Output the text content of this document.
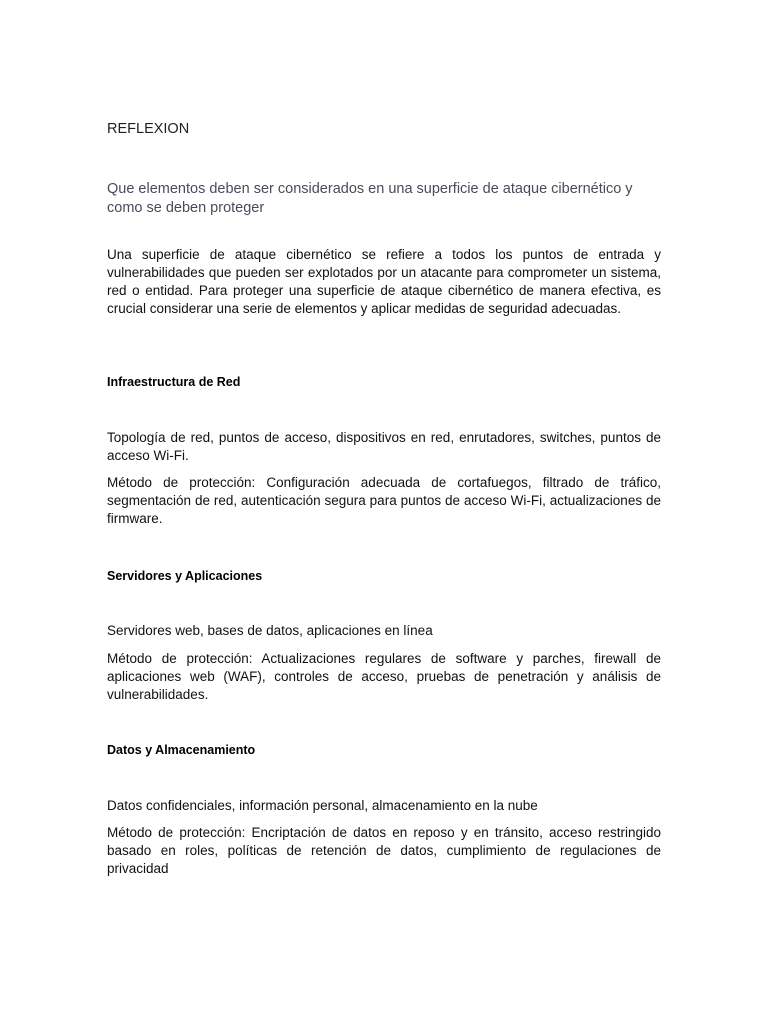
REFLEXION
Que elementos deben ser considerados en una superficie de ataque cibernético y como se deben proteger

Una superficie de ataque cibernético se refiere a todos los puntos de entrada y vulnerabilidades que pueden ser explotados por un atacante para comprometer un sistema, red o entidad. Para proteger una superficie de ataque cibernético de manera efectiva, es crucial considerar una serie de elementos y aplicar medidas de seguridad adecuadas.

Infraestructura de Red

Topología de red, puntos de acceso, dispositivos en red, enrutadores, switches, puntos de acceso Wi-Fi.

Método de protección: Configuración adecuada de cortafuegos, filtrado de tráfico, segmentación de red, autenticación segura para puntos de acceso Wi-Fi, actualizaciones de firmware.

Servidores y Aplicaciones

Servidores web, bases de datos, aplicaciones en línea

Método de protección: Actualizaciones regulares de software y parches, firewall de aplicaciones web (WAF), controles de acceso, pruebas de penetración y análisis de vulnerabilidades.

Datos y Almacenamiento

Datos confidenciales, información personal, almacenamiento en la nube

Método de protección: Encriptación de datos en reposo y en tránsito, acceso restringido basado en roles, políticas de retención de datos, cumplimiento de regulaciones de privacidad
